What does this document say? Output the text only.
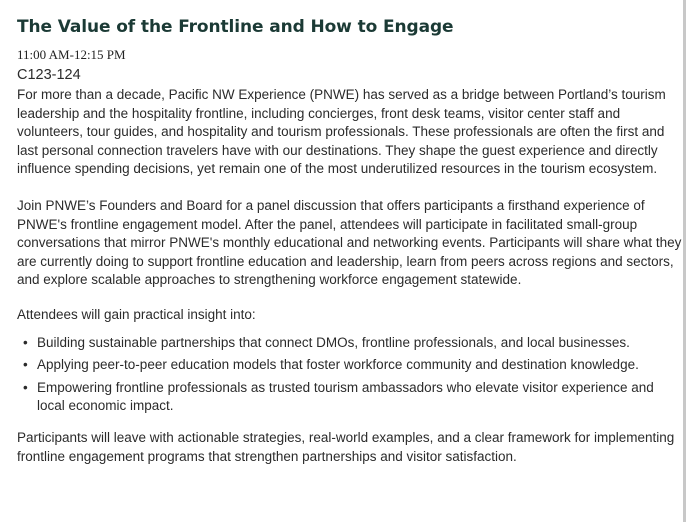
The Value of the Frontline and How to Engage
11:00 AM-12:15 PM
C123-124

For more than a decade, Pacific NW Experience (PNWE) has served as a bridge between Portland’s tourism leadership and the hospitality frontline, including concierges, front desk teams, visitor center staff and volunteers, tour guides, and hospitality and tourism professionals. These professionals are often the first and last personal connection travelers have with our destinations. They shape the guest experience and directly influence spending decisions, yet remain one of the most underutilized resources in the tourism ecosystem.

Join PNWE’s Founders and Board for a panel discussion that offers participants a firsthand experience of PNWE's frontline engagement model. After the panel, attendees will participate in facilitated small-group conversations that mirror PNWE's monthly educational and networking events. Participants will share what they are currently doing to support frontline education and leadership, learn from peers across regions and sectors, and explore scalable approaches to strengthening workforce engagement statewide.

Attendees will gain practical insight into:

• Building sustainable partnerships that connect DMOs, frontline professionals, and local businesses.
• Applying peer-to-peer education models that foster workforce community and destination knowledge.
• Empowering frontline professionals as trusted tourism ambassadors who elevate visitor experience and local economic impact.

Participants will leave with actionable strategies, real-world examples, and a clear framework for implementing frontline engagement programs that strengthen partnerships and visitor satisfaction.
